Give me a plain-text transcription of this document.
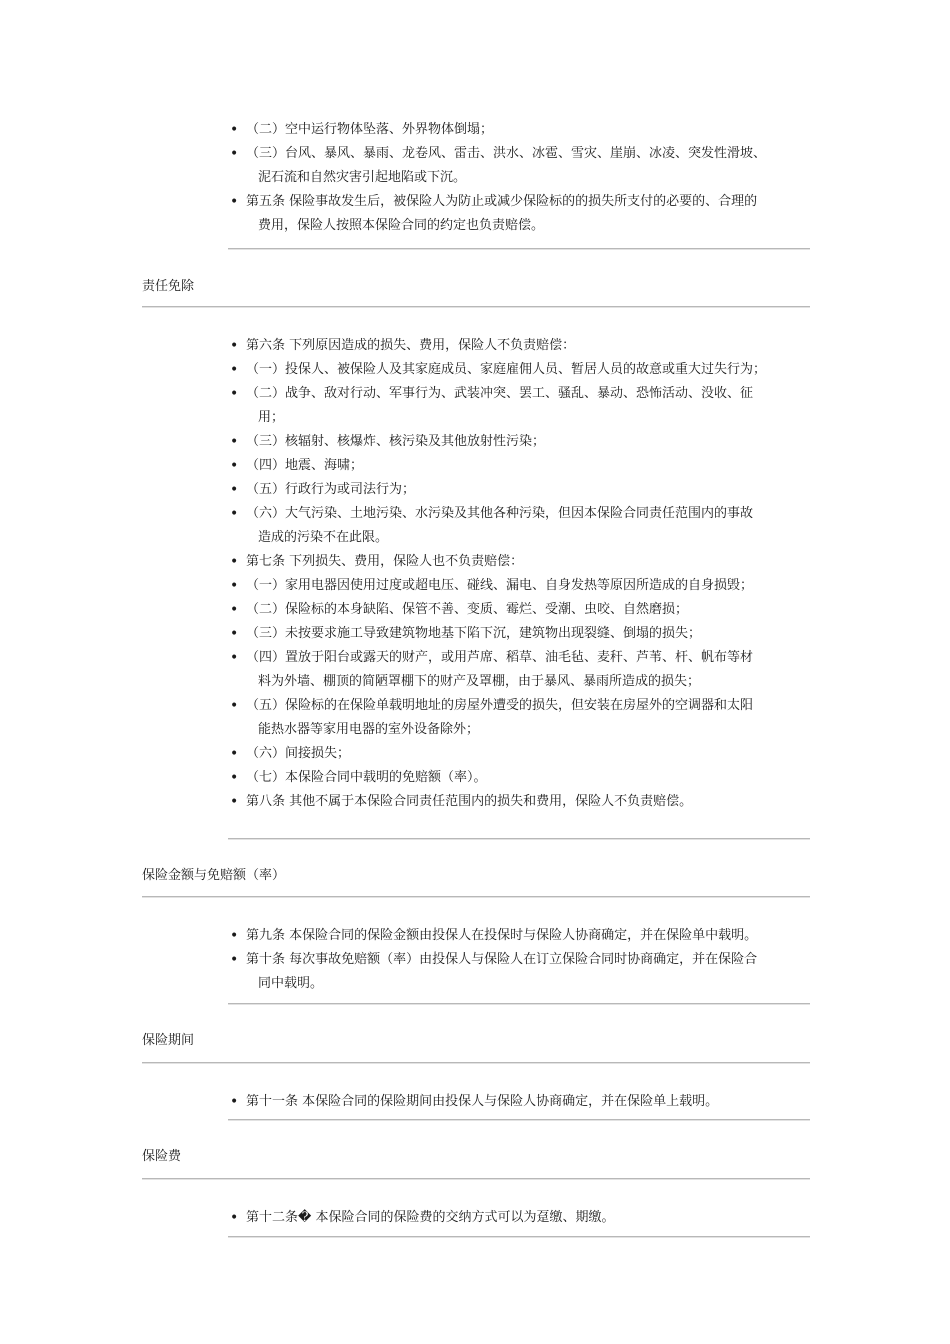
• （二）空中运行物体坠落、外界物体倒塌；
• （三）台风、暴风、暴雨、龙卷风、雷击、洪水、冰雹、雪灾、崖崩、冰凌、突发性滑坡、
泥石流和自然灾害引起地陷或下沉。
• 第五条 保险事故发生后，被保险人为防止或减少保险标的的损失所支付的必要的、合理的
费用，保险人按照本保险合同的约定也负责赔偿。
责任免除
• 第六条 下列原因造成的损失、费用，保险人不负责赔偿：
• （一）投保人、被保险人及其家庭成员、家庭雇佣人员、暂居人员的故意或重大过失行为；
• （二）战争、敌对行动、军事行为、武装冲突、罢工、骚乱、暴动、恐怖活动、没收、征
用；
• （三）核辐射、核爆炸、核污染及其他放射性污染；
• （四）地震、海啸；
• （五）行政行为或司法行为；
• （六）大气污染、土地污染、水污染及其他各种污染，但因本保险合同责任范围内的事故
造成的污染不在此限。
• 第七条 下列损失、费用，保险人也不负责赔偿：
• （一）家用电器因使用过度或超电压、碰线、漏电、自身发热等原因所造成的自身损毁；
• （二）保险标的本身缺陷、保管不善、变质、霉烂、受潮、虫咬、自然磨损；
• （三）未按要求施工导致建筑物地基下陷下沉，建筑物出现裂缝、倒塌的损失；
• （四）置放于阳台或露天的财产，或用芦席、稻草、油毛毡、麦秆、芦苇、杆、帆布等材
料为外墙、棚顶的简陋罩棚下的财产及罩棚，由于暴风、暴雨所造成的损失；
• （五）保险标的在保险单载明地址的房屋外遭受的损失，但安装在房屋外的空调器和太阳
能热水器等家用电器的室外设备除外；
• （六）间接损失；
• （七）本保险合同中载明的免赔额（率）。
• 第八条 其他不属于本保险合同责任范围内的损失和费用，保险人不负责赔偿。
保险金额与免赔额（率）
• 第九条 本保险合同的保险金额由投保人在投保时与保险人协商确定，并在保险单中载明。
• 第十条 每次事故免赔额（率）由投保人与保险人在订立保险合同时协商确定，并在保险合
同中载明。
保险期间
• 第十一条 本保险合同的保险期间由投保人与保险人协商确定，并在保险单上载明。
保险费
• 第十二条� 本保险合同的保险费的交纳方式可以为趸缴、期缴。
